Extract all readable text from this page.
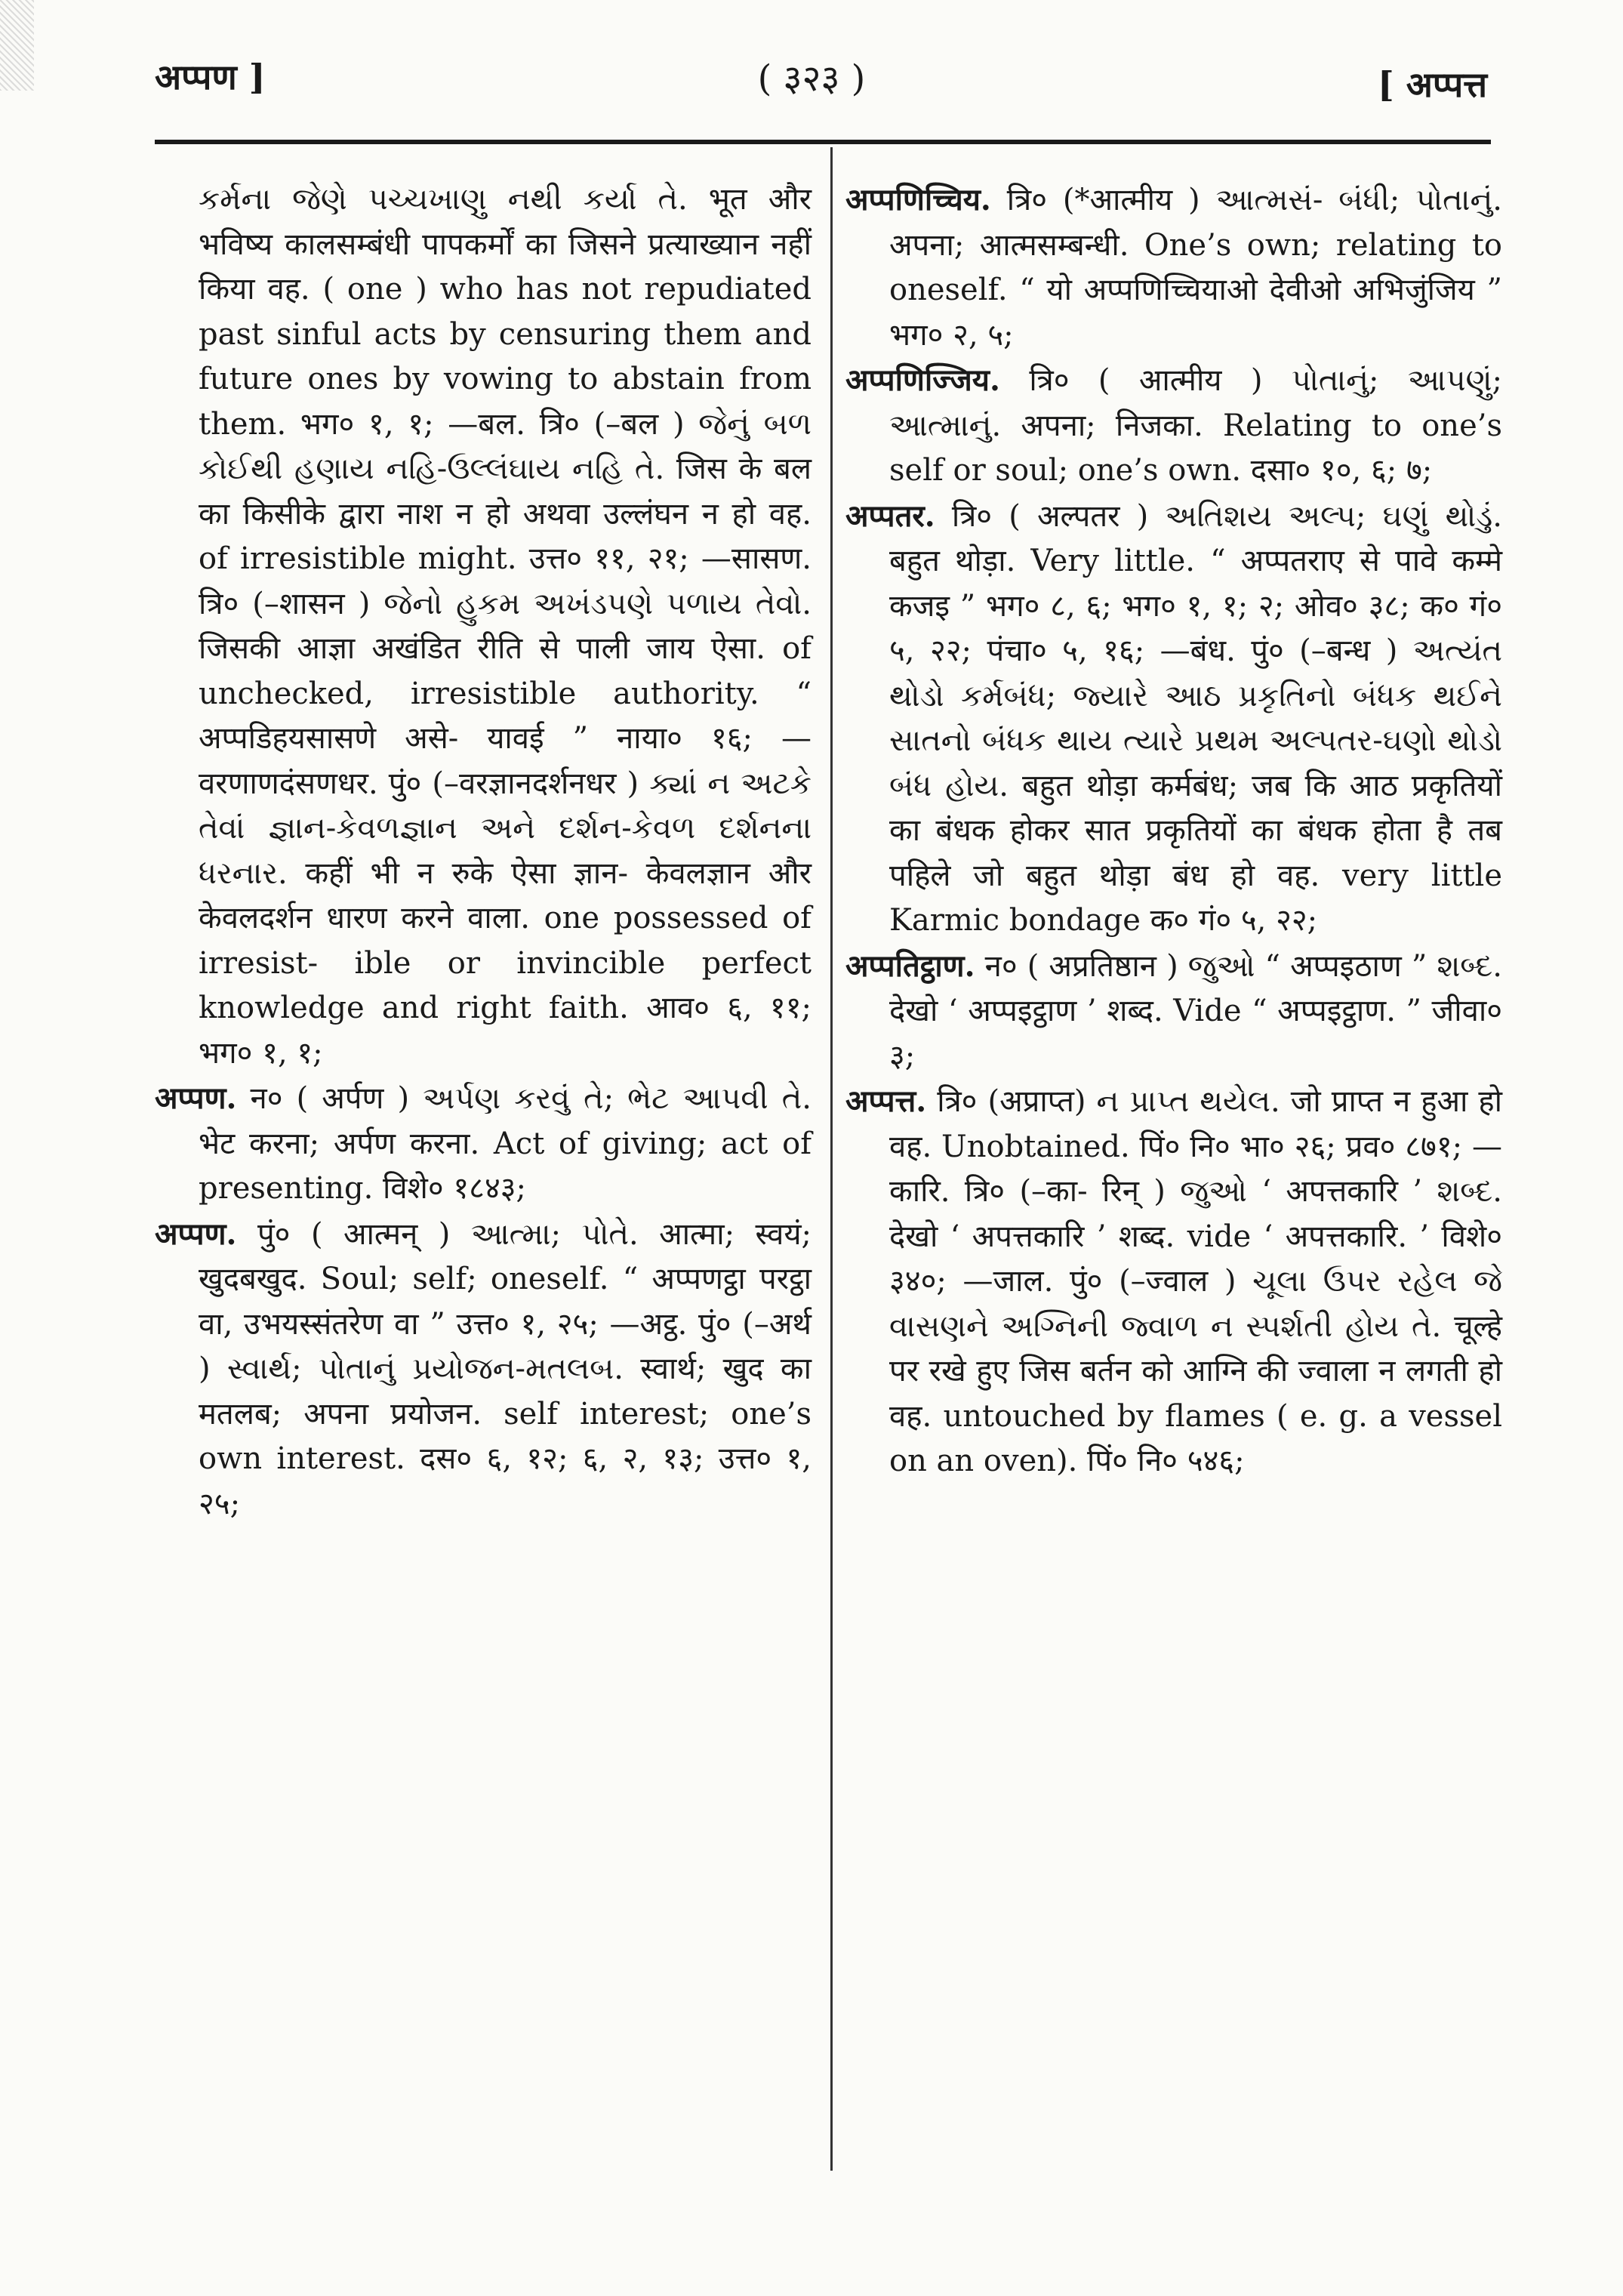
अप्पण ]	( ३२३ )	[ अप्पत्त

કર્મના જેણે પચ્ચખાણુ નથી કર્યા તે. भूत और भविष्य कालसम्बंधी पापकर्मों का जिसने प्रत्याख्यान नहीं किया वह. ( one ) who has not repudiated past sinful acts by censuring them and future ones by vowing to abstain from them. भग० १, १; —बल. त्रि० (–बल ) જેનું બળ કોઈથી હણાય નહિ-ઉલ્લંઘાય નહિ તે. जिस के बल का किसीके द्वारा नाश न हो अथवा उल्लंघन न हो वह. of irresistible might. उत्त० ११, २१; —सासण. त्रि० (–शासन ) જેનો હુકમ અખંડપણે પળાય તેવો. जिसकी आज्ञा अखंडित रीति से पाली जाय ऐसा. of unchecked, irresistible authority. “ अप्पडिहयसासणे असे- यावई ” नाया० १६; —वरणाणदंसणधर. पुं० (–वरज्ञानदर्शनधर ) ક્યાં ન અટકે તેવાં જ્ઞાન-કેવળજ્ઞાન અને દર્શન-કેવળ દર્શનના ધરનાર. कहीं भी न रुके ऐसा ज्ञान- केवलज्ञान और केवलदर्शन धारण करने वाला. one possessed of irresist- ible or invincible perfect knowledge and right faith. आव० ६, ११; भग० १, १;

अप्पण. न० ( अर्पण ) અર્પણ કરવું તે; ભેટ આપવી તે. भेट करना; अर्पण करना. Act of giving; act of presenting. विशे० १८४३;

अप्पण. पुं० ( आत्मन् ) આત્મા; પોતે. आत्मा; स्वयं; खुदबखुद. Soul; self; oneself. “ अप्पणट्ठा परट्ठा वा, उभयस्संतरेण वा ” उत्त० १, २५; —अट्ठ. पुं० (–अर्थ ) સ્વાર્થ; પોતાનું પ્રયોજન-મતલબ. स्वार्थ; खुद का मतलब; अपना प्रयोजन. self interest; one’s own interest. दस० ६, १२; ६, २, १३; उत्त० १, २५;

अप्पणिच्चिय. त्रि० (*आत्मीय ) આત્મસં- બંધી; પોતાનું. अपना; आत्मसम्बन्धी. One’s own; relating to oneself. “ यो अप्पणिच्चियाओ देवीओ अभिजुंजिय ” भग० २, ५;

अप्पणिज्जिय. त्रि० ( आत्मीय ) પોતાનું; આપણું; આત્માનું. अपना; निजका. Relating to one’s self or soul; one’s own. दसा० १०, ६; ७;

अप्पतर. त्रि० ( अल्पतर ) અતિશય અલ્પ; ઘણું થોડું. बहुत थोड़ा. Very little. “ अप्पतराए से पावे कम्मे कजइ ” भग० ८, ६; भग० १, १; २; ओव० ३८; क० गं० ५, २२; पंचा० ५, १६; —बंध. पुं० (–बन्ध ) અત્યંત થોડો કર્મબંધ; જ્યારે આઠ પ્રકૃતિનો બંધક થઈને સાતનો બંધક થાય ત્યારે પ્રથમ અલ્પતર-ઘણો થોડો બંધ હોય. बहुत थोड़ा कर्मबंध; जब कि आठ प्रकृतियों का बंधक होकर सात प्रकृतियों का बंधक होता है तब पहिले जो बहुत थोड़ा बंध हो वह. very little Karmic bondage क० गं० ५, २२;

अप्पतिट्ठाण. न० ( अप्रतिष्ठान ) જુઓ “ अप्पइठाण ” શબ્દ. देखो ‘ अप्पइट्ठाण ’ शब्द. Vide “ अप्पइट्ठाण. ” जीवा० ३;

अप्पत्त. त्रि० (अप्राप्त) ન પ્રાપ્ત થયેલ. जो प्राप्त न हुआ हो वह. Unobtained. पिं० नि० भा० २६; प्रव० ८७१; —कारि. त्रि० (–का- रिन् ) જુઓ ‘ अपत्तकारि ’ શબ્દ. देखो ‘ अपत्तकारि ’ शब्द. vide ‘ अपत्तकारि. ’ विशे० ३४०; —जाल. पुं० (–ज्वाल ) ચૂલા ઉપર રહેલ જે વાસણને અગ્નિની જ્વાળ ન સ્પર્શતી હોય તે. चूल्हे पर रखे हुए जिस बर्तन को आग्नि की ज्वाला न लगती हो वह. untouched by flames ( e. g. a vessel on an oven). पिं० नि० ५४६;
